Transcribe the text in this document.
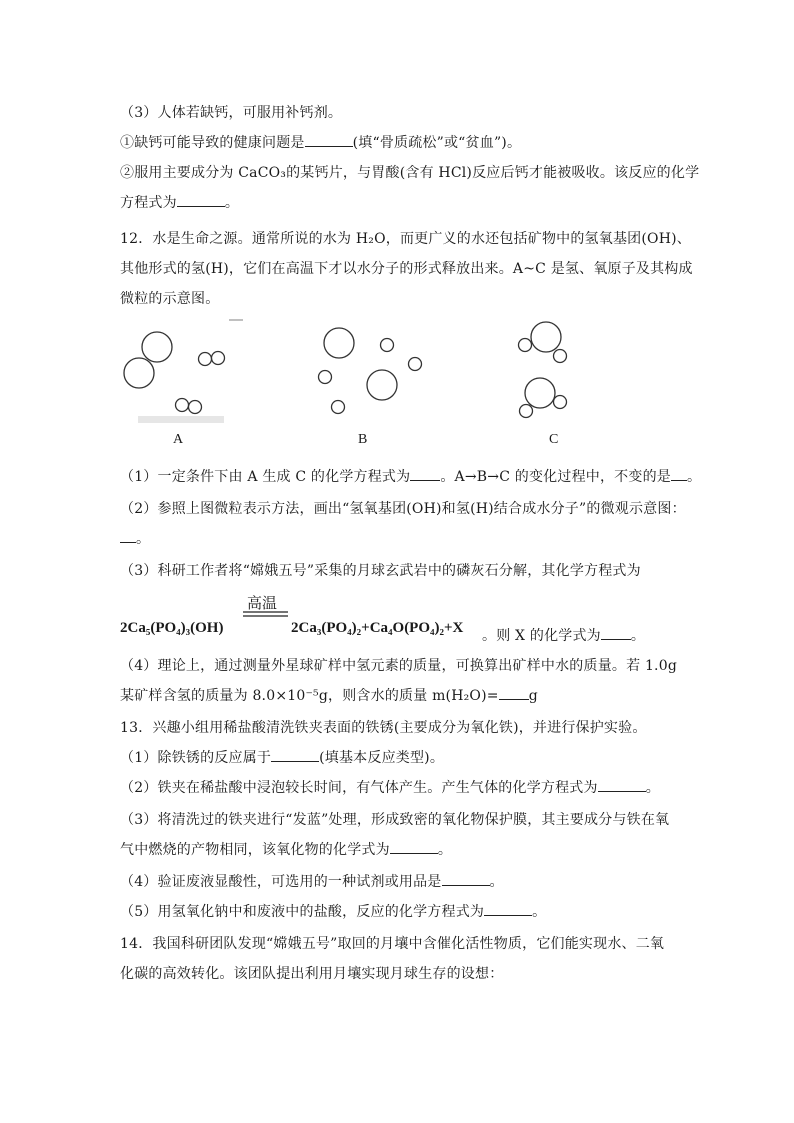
（3）人体若缺钙，可服用补钙剂。
①缺钙可能导致的健康问题是	(填“骨质疏松”或“贫血”)。
②服用主要成分为 CaCO₃的某钙片，与胃酸(含有 HCl)反应后钙才能被吸收。该反应的化学
方程式为	。
12．水是生命之源。通常所说的水为 H₂O，而更广义的水还包括矿物中的氢氧基团(OH)、
其他形式的氢(H)，它们在高温下才以水分子的形式释放出来。A~C 是氢、氧原子及其构成
微粒的示意图。
A	B	C
（1）一定条件下由 A 生成 C 的化学方程式为 。A→B→C 的变化过程中，不变的是 。
（2）参照上图微粒表示方法，画出“氢氧基团(OH)和氢(H)结合成水分子”的微观示意图：
。
（3）科研工作者将“嫦娥五号”采集的月球玄武岩中的磷灰石分解，其化学方程式为
高温
2Ca₅(PO₄)₃(OH)	2Ca₃(PO₄)₂+Ca₄O(PO₄)₂+X 。则 X 的化学式为 。
（4）理论上，通过测量外星球矿样中氢元素的质量，可换算出矿样中水的质量。若 1.0g
某矿样含氢的质量为 8.0×10⁻⁵g，则含水的质量 m(H₂O)= g
13．兴趣小组用稀盐酸清洗铁夹表面的铁锈(主要成分为氧化铁)，并进行保护实验。
（1）除铁锈的反应属于	(填基本反应类型)。
（2）铁夹在稀盐酸中浸泡较长时间，有气体产生。产生气体的化学方程式为	。
（3）将清洗过的铁夹进行“发蓝”处理，形成致密的氧化物保护膜，其主要成分与铁在氧
气中燃烧的产物相同，该氧化物的化学式为	。
（4）验证废液显酸性，可选用的一种试剂或用品是	。
（5）用氢氧化钠中和废液中的盐酸，反应的化学方程式为	。
14．我国科研团队发现“嫦娥五号”取回的月壤中含催化活性物质，它们能实现水、二氧
化碳的高效转化。该团队提出利用月壤实现月球生存的设想：
